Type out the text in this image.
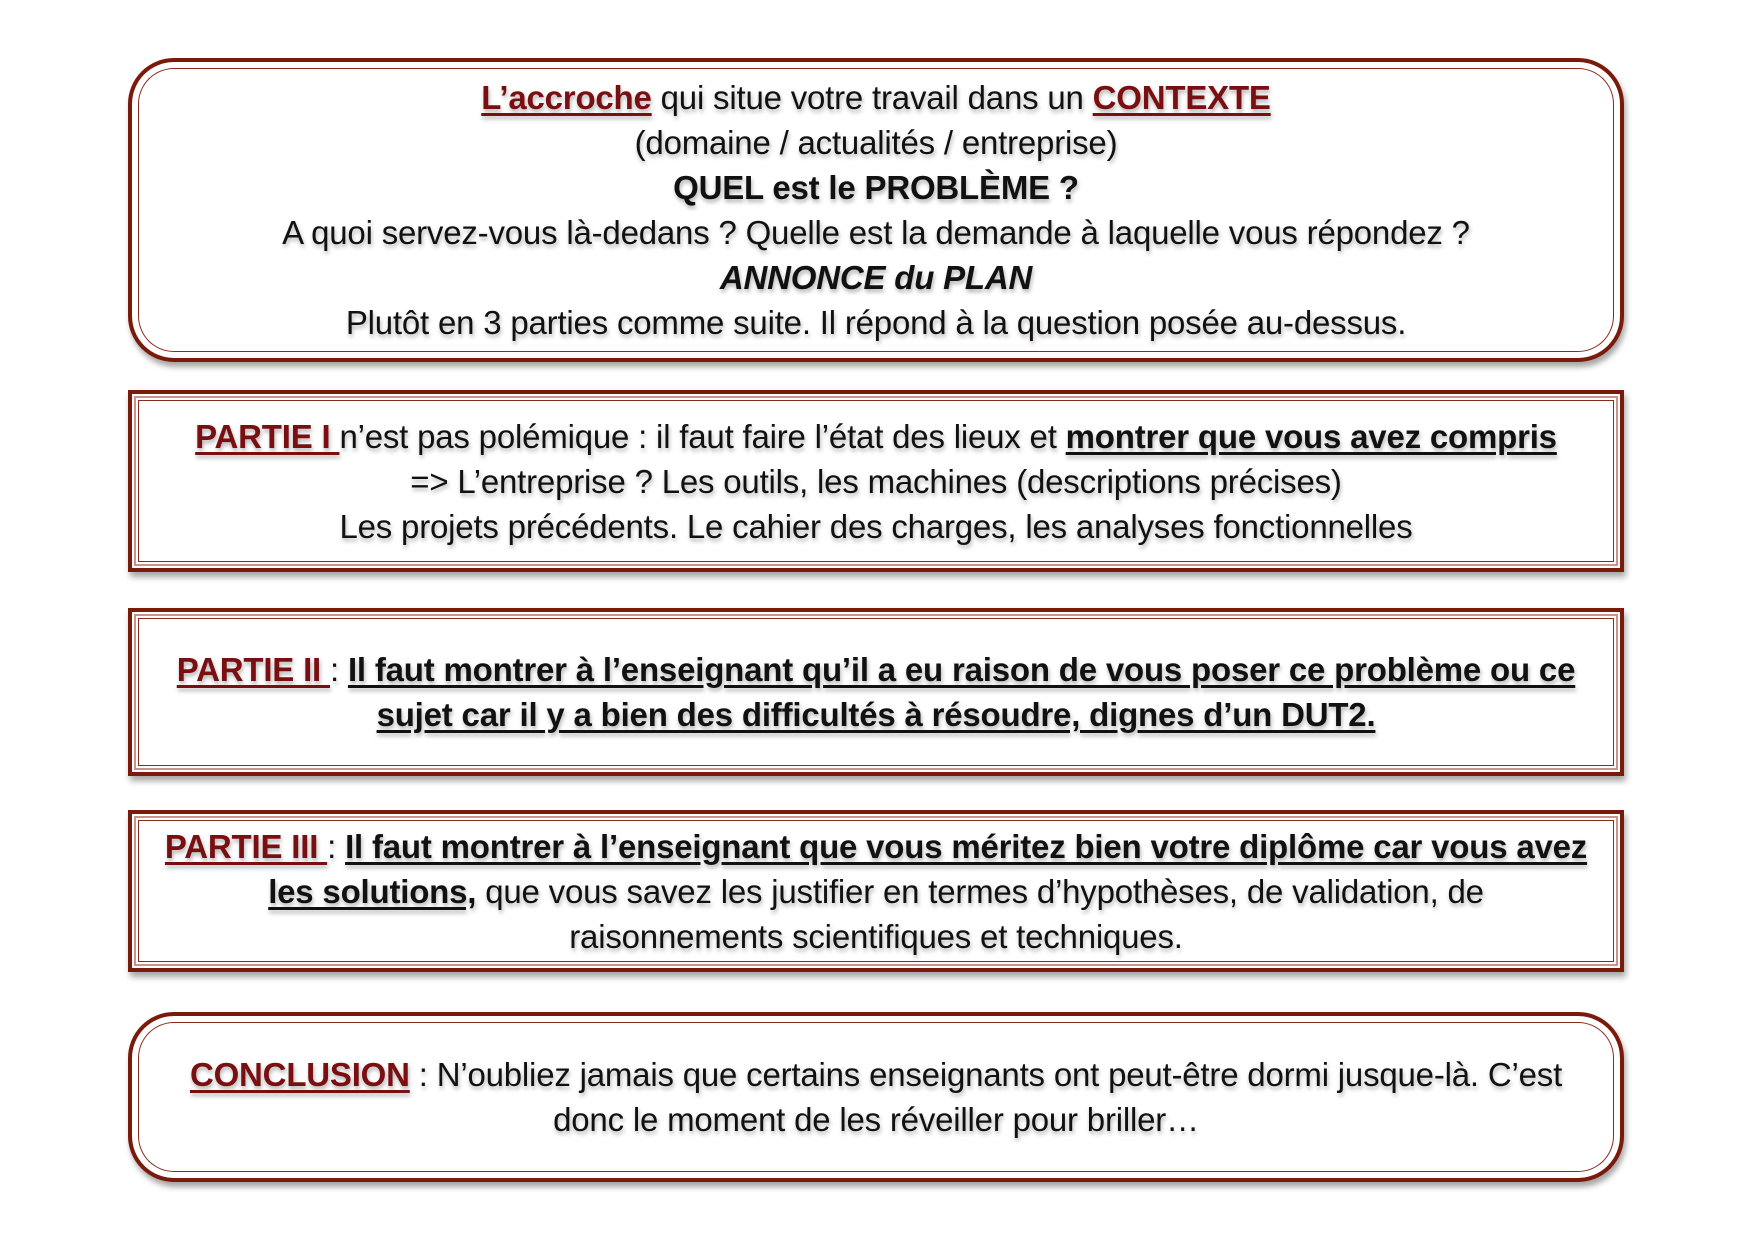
L’accroche qui situe votre travail dans un CONTEXTE
(domaine / actualités / entreprise)
QUEL est le PROBLÈME ?
A quoi servez-vous là-dedans ? Quelle est la demande à laquelle vous répondez ?
ANNONCE du PLAN
Plutôt en 3 parties comme suite. Il répond à la question posée au-dessus.
PARTIE I n’est pas polémique : il faut faire l’état des lieux et montrer que vous avez compris
=> L’entreprise ? Les outils, les machines (descriptions précises)
Les projets précédents. Le cahier des charges, les analyses fonctionnelles
PARTIE II : Il faut montrer à l’enseignant qu’il a eu raison de vous poser ce problème ou ce
sujet car il y a bien des difficultés à résoudre, dignes d’un DUT2.
PARTIE III : Il faut montrer à l’enseignant que vous méritez bien votre diplôme car vous avez
les solutions, que vous savez les justifier en termes d’hypothèses, de validation, de
raisonnements scientifiques et techniques.
CONCLUSION : N’oubliez jamais que certains enseignants ont peut-être dormi jusque-là. C’est
donc le moment de les réveiller pour briller…
